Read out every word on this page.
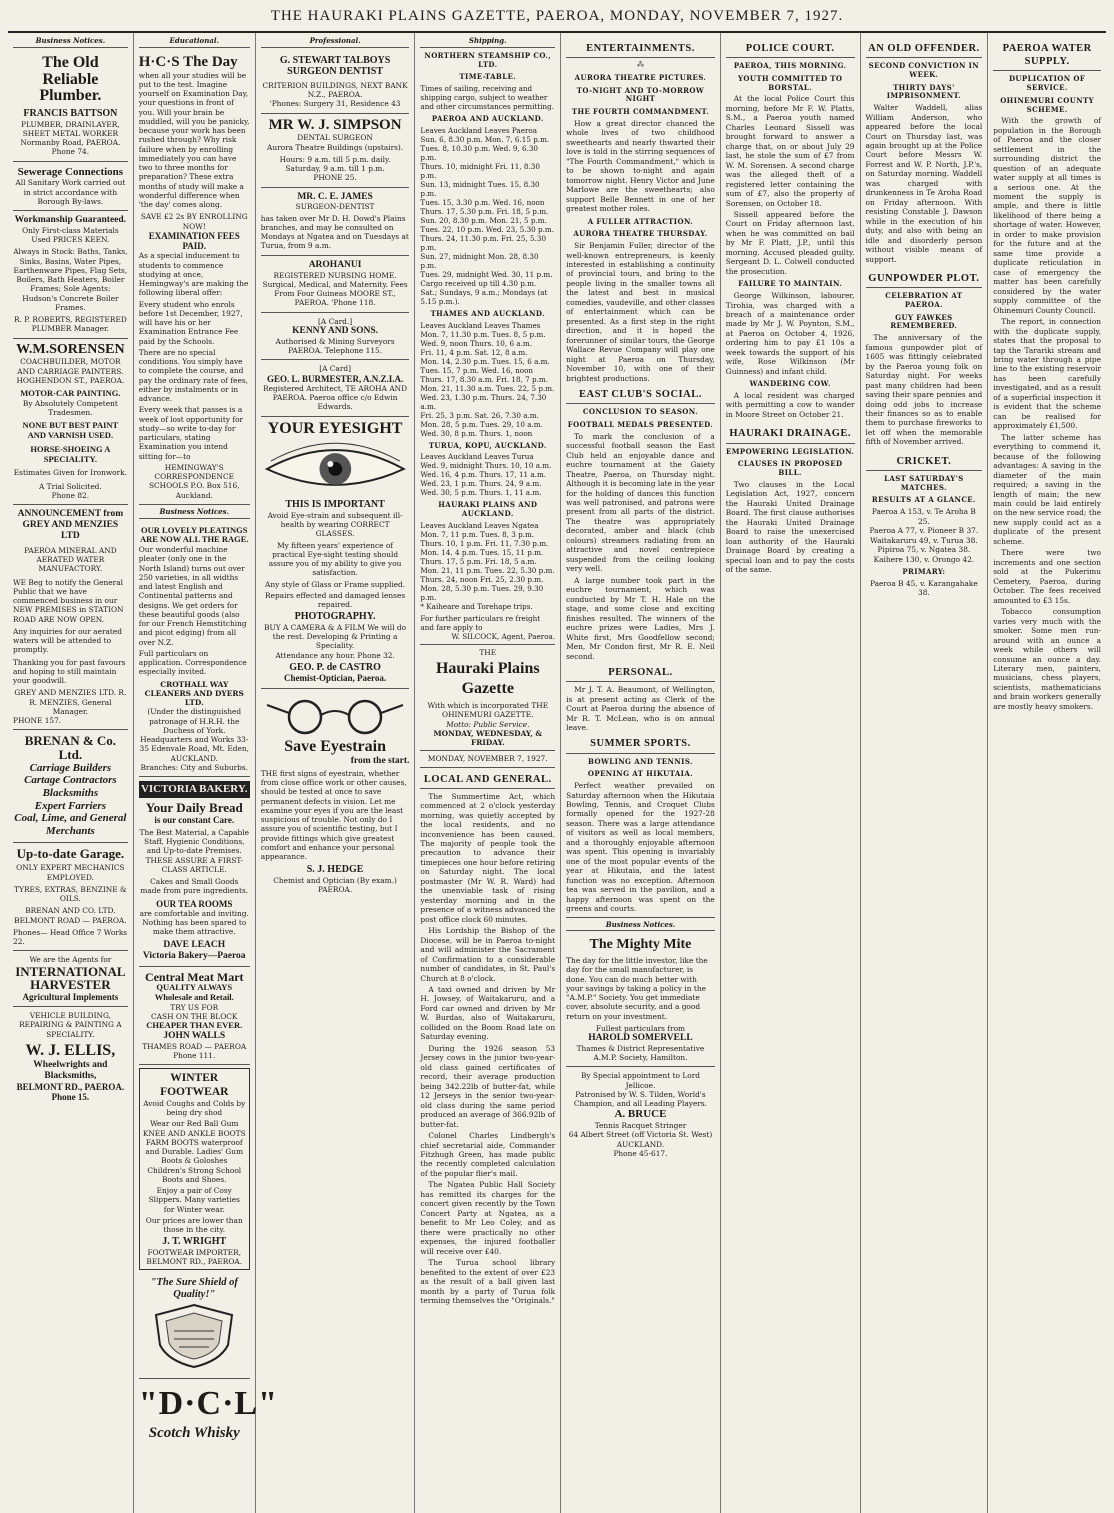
THE HAURAKI PLAINS GAZETTE, PAEROA, MONDAY, NOVEMBER 7, 1927.
Business Notices.
The Old Reliable Plumber.
FRANCIS BATTSON
PLUMBER, DRAINLAYER, SHEET METAL WORKER
Normanby Road, PAEROA.
Phone 74.
Sewerage Connections
All Sanitary Work carried out in strict accordance with Borough By-laws.
Workmanship Guaranteed.
Only First-class Materials Used PRICES KEEN.
Always in Stock: Baths, Tanks, Sinks, Basins, Water Pipes, Earthenware Pipes, Flag Sets, Boilers, Bath Heaters, Boiler Frames; Sole Agents: Hudson's Concrete Boiler Frames.
R. P. ROBERTS, REGISTERED PLUMBER Manager.
W.M.SORENSEN
COACHBUILDER, MOTOR AND CARRIAGE PAINTERS.
HOGHENDON ST., PAEROA.
MOTOR-CAR PAINTING.
By Absolutely Competent Tradesmen.
NONE BUT BEST PAINT AND VARNISH USED.
HORSE-SHOEING A SPECIALITY.
Estimates Given for Ironwork.
A Trial Solicited.
Phone 82.
ANNOUNCEMENT from GREY AND MENZIES LTD
PAEROA MINERAL AND AERATED WATER MANUFACTORY.
WE Beg to notify the General Public that we have commenced business in our NEW PREMISES in STATION ROAD ARE NOW OPEN.
Any inquiries for our aerated waters will be attended to promptly.
Thanking you for past favours and hoping to still maintain your goodwill.
GREY AND MENZIES LTD. R. R. MENZIES, General Manager.
PHONE 157.
BRENAN & Co. Ltd.
Carriage Builders
Cartage Contractors
Blacksmiths
Expert Farriers
Coal, Lime, and General Merchants
Up-to-date Garage.
ONLY EXPERT MECHANICS EMPLOYED.
TYRES, EXTRAS, BENZINE & OILS.
BRENAN AND CO. LTD. BELMONT ROAD — PAEROA.
Phones— Head Office 7 Works 22.
We are the Agents for
INTERNATIONAL HARVESTER
Agricultural Implements
VEHICLE BUILDING, REPAIRING & PAINTING A SPECIALITY.
W. J. ELLIS,
Wheelwrights and Blacksmiths,
BELMONT RD., PAEROA.
Phone 15.
Educational.
H·C·S The Day
when all your studies will be put to the test. Imagine yourself on Examination Day, your questions in front of you. Will your brain be muddled, will you be panicky, because your work has been rushed through? Why risk failure when by enrolling immediately you can have two to three months for preparation? These extra months of study will make a wonderful difference when 'the day' comes along.
SAVE £2 2s BY ENROLLING NOW!
EXAMINATION FEES PAID.
As a special inducement to students to commence studying at once, Hemingway's are making the following liberal offer:
Every student who enrols before 1st December, 1927, will have his or her Examination Entrance Fee paid by the Schools.
There are no special conditions. You simply have to complete the course, and pay the ordinary rate of fees, either by instalments or in advance.
Every week that passes is a week of lost opportunity for study—so write to-day for particulars, stating Examination you intend sitting for—to
HEMINGWAY'S CORRESPONDENCE SCHOOLS P.O. Box 516, Auckland.
Business Notices.
OUR LOVELY PLEATINGS ARE NOW ALL THE RAGE.
Our wonderful machine pleater (only one in the North Island) turns out over 250 varieties, in all widths and latest English and Continental patterns and designs. We get orders for these beautiful goods (also for our French Hemstitching and picot edging) from all over N.Z.
Full particulars on application. Correspondence especially invited.
CROTHALL WAY CLEANERS AND DYERS LTD.
(Under the distinguished patronage of H.R.H. the Duchess of York.
Headquarters and Works 33-35 Edenvale Road, Mt. Eden, AUCKLAND.
Branches: City and Suburbs.
VICTORIA BAKERY.
Your Daily Bread
is our constant Care.
The Best Material, a Capable Staff, Hygienic Conditions, and Up-to-date Premises. THESE ASSURE A FIRST-CLASS ARTICLE.
Cakes and Small Goods made from pure ingredients.
OUR TEA ROOMS
are comfortable and inviting. Nothing has been spared to make them attractive.
DAVE LEACH
Victoria Bakery—Paeroa
Central Meat Mart
QUALITY ALWAYS
Wholesale and Retail.
TRY US FOR
CASH ON THE BLOCK
CHEAPER THAN EVER.
JOHN WALLS
THAMES ROAD — PAEROA
Phone 111.
WINTER FOOTWEAR
Avoid Coughs and Colds by being dry shod
Wear our Red Ball Gum KNEE AND ANKLE BOOTS FARM BOOTS waterproof and Durable. Ladies' Gum Boots & Goloshes Children's Strong School Boots and Shoes.
Enjoy a pair of Cosy Slippers. Many varieties for Winter wear.
Our prices are lower than those in the city.
J. T. WRIGHT
FOOTWEAR IMPORTER, BELMONT RD., PAEROA.
"The Sure Shield of Quality!"
"D·C·L"
Scotch Whisky
Professional.
G. STEWART TALBOYS
SURGEON DENTIST
CRITERION BUILDINGS, NEXT BANK N.Z., PAEROA.
'Phones: Surgery 31, Residence 43
MR W. J. SIMPSON
DENTAL SURGEON
Aurora Theatre Buildings (upstairs).
Hours: 9 a.m. till 5 p.m. daily. Saturday, 9 a.m. till 1 p.m.
PHONE 25.
MR. C. E. JAMES
SURGEON-DENTIST
has taken over Mr D. H. Dowd's Plains branches, and may be consulted on Mondays at Ngatea and on Tuesdays at Turua, from 9 a.m.
AROHANUI
REGISTERED NURSING HOME.
Surgical, Medical, and Maternity. Fees From Four Guineas MOORE ST., PAEROA. 'Phone 118.
[A Card.]
KENNY AND SONS.
Authorised & Mining Surveyors PAEROA. Telephone 115.
[A Card]
GEO. L. BURMESTER, A.N.Z.I.A.
Registered Architect, TE AROHA AND PAEROA. Paeroa office c/o Edwin Edwards.
YOUR EYESIGHT
THIS IS IMPORTANT
Avoid Eye-strain and subsequent ill-health by wearing CORRECT GLASSES.
My fifteen years' experience of practical Eye-sight testing should assure you of my ability to give you satisfaction.
Any style of Glass or Frame supplied.
Repairs effected and damaged lenses repaired.
PHOTOGRAPHY.
BUY A CAMERA & A FILM We will do the rest. Developing & Printing a Speciality.
Attendance any hour. Phone 32.
GEO. P. de CASTRO
Chemist-Optician, Paeroa.
Save Eyestrain
from the start.
THE first signs of eyestrain, whether from close office work or other causes, should be tested at once to save permanent defects in vision. Let me examine your eyes if you are the least suspicious of trouble. Not only do I assure you of scientific testing, but I provide fittings which give greatest comfort and enhance your personal appearance.
S. J. HEDGE
Chemist and Optician (By exam.) PAEROA.
Shipping.
NORTHERN STEAMSHIP CO., LTD.
TIME-TABLE.
Times of sailing, receiving and shipping cargo, subject to weather and other circumstances permitting.
PAEROA AND AUCKLAND.
Leaves Auckland Leaves Paeroa
Sun. 6, 8.30 p.m. Mon. 7, 6.15 p.m.
Tues. 8, 10.30 p.m. Wed. 9, 6.30 p.m.
Thurs. 10, midnight Fri. 11, 8.30 p.m.
Sun. 13, midnight Tues. 15, 8.30 p.m.
Tues. 15, 3.30 p.m. Wed. 16, noon
Thurs. 17, 5.30 p.m. Fri. 18, 5 p.m.
Sun. 20, 8.30 p.m. Mon. 21, 5 p.m.
Tues. 22, 10 p.m. Wed. 23, 5.30 p.m.
Thurs. 24, 11.30 p.m. Fri. 25, 5.30 p.m.
Sun. 27, midnight Mon. 28, 8.30 p.m.
Tues. 29, midnight Wed. 30, 11 p.m.
Cargo received up till 4.30 p.m. Sat.; Sundays, 9 a.m.; Mondays (at 5.15 p.m.).
THAMES AND AUCKLAND.
Leaves Auckland Leaves Thames
Mon. 7, 11.30 p.m. Tues. 8, 5 p.m.
Wed. 9, noon Thurs. 10, 6 a.m.
Fri. 11, 4 p.m. Sat. 12, 8 a.m.
Mon. 14, 2.30 p.m. Tues. 15, 6 a.m.
Tues. 15, 7 p.m. Wed. 16, noon
Thurs. 17, 8.30 a.m. Fri. 18, 7 p.m.
Mon. 21, 11.30 a.m. Tues. 22, 5 p.m.
Wed. 23, 1.30 p.m. Thurs. 24, 7.30 a.m.
Fri. 25, 3 p.m. Sat. 26, 7.30 a.m.
Mon. 28, 5 p.m. Tues. 29, 10 a.m.
Wed. 30, 8 p.m. Thurs. 1, noon
TURUA, KOPU, AUCKLAND.
Leaves Auckland Leaves Turua
Wed. 9, midnight Thurs. 10, 10 a.m.
Wed. 16, 4 p.m. Thurs. 17, 11 a.m.
Wed. 23, 1 p.m. Thurs. 24, 9 a.m.
Wed. 30, 5 p.m. Thurs. 1, 11 a.m.
HAURAKI PLAINS AND AUCKLAND.
Leaves Auckland Leaves Ngatea
Mon. 7, 11 p.m. Tues. 8, 3 p.m.
Thurs. 10, 1 p.m. Fri. 11, 7.30 p.m.
Mon. 14, 4 p.m. Tues. 15, 11 p.m.
Thurs. 17, 5 p.m. Fri. 18, 5 a.m.
Mon. 21, 11 p.m. Tues. 22, 5.30 p.m.
Thurs. 24, noon Fri. 25, 2.30 p.m.
Mon. 28, 5.30 p.m. Tues. 29, 9.30 p.m.
* Kaiheare and Torehape trips.
For further particulars re freight and fare apply to
W. SILCOCK, Agent, Paeroa.
THE
Hauraki Plains Gazette
With which is incorporated THE OHINEMURI GAZETTE.
Motto: Public Service.
MONDAY, WEDNESDAY, & FRIDAY.
MONDAY, NOVEMBER 7, 1927.
LOCAL AND GENERAL.

The Summertime Act, which commenced at 2 o'clock yesterday morning, was quietly accepted by the local residents, and no inconvenience has been caused. The majority of people took the precaution to advance their timepieces one hour before retiring on Saturday night. The local postmaster (Mr W. R. Ward) had the unenviable task of rising yesterday morning and in the presence of a witness advanced the post office clock 60 minutes.

His Lordship the Bishop of the Diocese, will be in Paeroa to-night and will administer the Sacrament of Confirmation to a considerable number of candidates, in St. Paul's Church at 8 o'clock.

A taxi owned and driven by Mr H. Jowsey, of Waitakaruru, and a Ford car owned and driven by Mr W. Burdas, also of Waitakaruru, collided on the Boom Road late on Saturday evening.

During the 1926 season 53 Jersey cows in the junior two-year-old class gained certificates of record, their average production being 342.22lb of butter-fat, while 12 Jerseys in the senior two-year-old class during the same period produced an average of 366.92lb of butter-fat.

Colonel Charles Lindbergh's chief secretarial aide, Commander Fitzhugh Green, has made public the recently completed calculation of the popular flier's mail.

The Ngatea Public Hall Society has remitted its charges for the concert given recently by the Town Concert Party at Ngatea, as a benefit to Mr Leo Coley, and as there were practically no other expenses, the injured footballer will receive over £40.

The Turua school library benefited to the extent of over £23 as the result of a ball given last month by a party of Turua folk terming themselves the "Originals."

ENTERTAINMENTS.
⁂
AURORA THEATRE PICTURES.
TO-NIGHT AND TO-MORROW NIGHT
THE FOURTH COMMANDMENT.

How a great director chanced the whole lives of two childhood sweethearts and nearly thwarted their love is told in the stirring sequences of "The Fourth Commandment," which is to be shown to-night and again tomorrow night. Henry Victor and June Marlowe are the sweethearts; also support Belle Bennett in one of her greatest mother roles.

A FULLER ATTRACTION.
AURORA THEATRE THURSDAY.

Sir Benjamin Fuller, director of the well-known entrepreneurs, is keenly interested in establishing a continuity of provincial tours, and bring to the people living in the smaller towns all the latest and best in musical comedies, vaudeville, and other classes of entertainment which can be presented. As a first step in the right direction, and it is hoped the forerunner of similar tours, the George Wallace Revue Company will play one night at Paeroa on Thursday, November 10, with one of their brightest productions.

EAST CLUB'S SOCIAL.
CONCLUSION TO SEASON.
FOOTBALL MEDALS PRESENTED.

To mark the conclusion of a successful football season the East Club held an enjoyable dance and euchre tournament at the Gaiety Theatre, Paeroa, on Thursday night. Although it is becoming late in the year for the holding of dances this function was well patronised, and patrons were present from all parts of the district. The theatre was appropriately decorated, amber and black (club colours) streamers radiating from an attractive and novel centrepiece suspended from the ceiling looking very well.

A large number took part in the euchre tournament, which was conducted by Mr T. H. Hale on the stage, and some close and exciting finishes resulted. The winners of the euchre prizes were Ladies, Mrs J. White first, Mrs Goodfellow second; Men, Mr Condon first, Mr R. E. Neil second.

PERSONAL.

Mr J. T. A. Beaumont, of Wellington, is at present acting as Clerk of the Court at Paeroa during the absence of Mr R. T. McLean, who is on annual leave.

SUMMER SPORTS.
BOWLING AND TENNIS.
OPENING AT HIKUTAIA.

Perfect weather prevailed on Saturday afternoon when the Hikutaia Bowling, Tennis, and Croquet Clubs formally opened for the 1927-28 season. There was a large attendance of visitors as well as local members, and a thoroughly enjoyable afternoon was spent. This opening is invariably one of the most popular events of the year at Hikutaia, and the latest function was no exception. Afternoon tea was served in the pavilion, and a happy afternoon was spent on the greens and courts.

Business Notices.
The Mighty Mite
The day for the little investor, like the day for the small manufacturer, is done. You can do much better with your savings by taking a policy in the "A.M.P." Society. You get immediate cover, absolute security, and a good return on your investment.
Fullest particulars from
HAROLD SOMERVELL
Thames & District Representative A.M.P. Society, Hamilton.
By Special appointment to Lord Jellicoe.
Patronised by W. S. Tilden, World's Champion, and all Leading Players.
A. BRUCE
Tennis Racquet Stringer
64 Albert Street (off Victoria St. West) AUCKLAND.
Phone 45-617.
POLICE COURT.
PAEROA, THIS MORNING.
YOUTH COMMITTED TO BORSTAL.

At the local Police Court this morning, before Mr F. W. Platts, S.M., a Paeroa youth named Charles Leonard Sissell was brought forward to answer a charge that, on or about July 29 last, he stole the sum of £7 from W. M. Sorensen. A second charge was the alleged theft of a registered letter containing the sum of £7, also the property of Sorensen, on October 18.

Sissell appeared before the Court on Friday afternoon last, when he was committed on bail by Mr F. Platt, J.P., until this morning. Accused pleaded guilty. Sergeant D. L. Colwell conducted the prosecution.

FAILURE TO MAINTAIN.

George Wilkinson, labourer, Tirohia, was charged with a breach of a maintenance order made by Mr J. W. Poynton, S.M., at Paeroa on October 4, 1926, ordering him to pay £1 10s a week towards the support of his wife, Rose Wilkinson (Mr Guinness) and infant child.

WANDERING COW.

A local resident was charged with permitting a cow to wander in Moore Street on October 21.

HAURAKI DRAINAGE.
EMPOWERING LEGISLATION.
CLAUSES IN PROPOSED BILL.

Two clauses in the Local Legislation Act, 1927, concern the Hauraki United Drainage Board. The first clause authorises the Hauraki United Drainage Board to raise the unexercised loan authority of the Hauraki Drainage Board by creating a special loan and to pay the costs of the same.

AN OLD OFFENDER.
SECOND CONVICTION IN WEEK.
THIRTY DAYS' IMPRISONMENT.

Walter Waddell, alias William Anderson, who appeared before the local Court on Thursday last, was again brought up at the Police Court before Messrs W. Forrest and W. P. North, J.P.'s, on Saturday morning. Waddell was charged with drunkenness in Te Aroha Road on Friday afternoon. With resisting Constable J. Dawson while in the execution of his duty, and also with being an idle and disorderly person without visible means of support.

GUNPOWDER PLOT.
CELEBRATION AT PAEROA.
GUY FAWKES REMEMBERED.

The anniversary of the famous gunpowder plot of 1605 was fittingly celebrated by the Paeroa young folk on Saturday night. For weeks past many children had been saving their spare pennies and doing odd jobs to increase their finances so as to enable them to purchase fireworks to let off when the memorable fifth of November arrived.

CRICKET.
LAST SATURDAY'S MATCHES.
RESULTS AT A GLANCE.
Paeroa A 153, v. Te Aroha B 25.
Paeroa A 77, v. Pioneer B 37.
Waitakaruru 49, v. Turua 38.
Pipiroa 75, v. Ngatea 38.
Kaihere 130, v. Orongo 42.
PRIMARY:
Paeroa B 45, v. Karangahake 38.
PAEROA WATER SUPPLY.
DUPLICATION OF SERVICE.
OHINEMURI COUNTY SCHEME.

With the growth of population in the Borough of Paeroa and the closer settlement in the surrounding district the question of an adequate water supply at all times is a serious one. At the moment the supply is ample, and there is little likelihood of there being a shortage of water. However, in order to make provision for the future and at the same time provide a duplicate reticulation in case of emergency the matter has been carefully considered by the water supply committee of the Ohinemuri County Council.

The report, in connection with the duplicate supply, states that the proposal to tap the Tarariki stream and bring water through a pipe line to the existing reservoir has been carefully investigated, and as a result of a superficial inspection it is evident that the scheme can be realised for approximately £1,500.

The latter scheme has everything to commend it, because of the following advantages: A saving in the diameter of the main required; a saving in the length of main; the new main could be laid entirely on the new service road; the new supply could act as a duplicate of the present scheme.

There were two increments and one section sold at the Pukerimu Cemetery, Paeroa, during October. The fees received amounted to £3 15s.

Tobacco consumption varies very much with the smoker. Some men run-around with an ounce a week while others will consume an ounce a day. Literary men, painters, musicians, chess players, scientists, mathematicians and brain workers generally are mostly heavy smokers.
